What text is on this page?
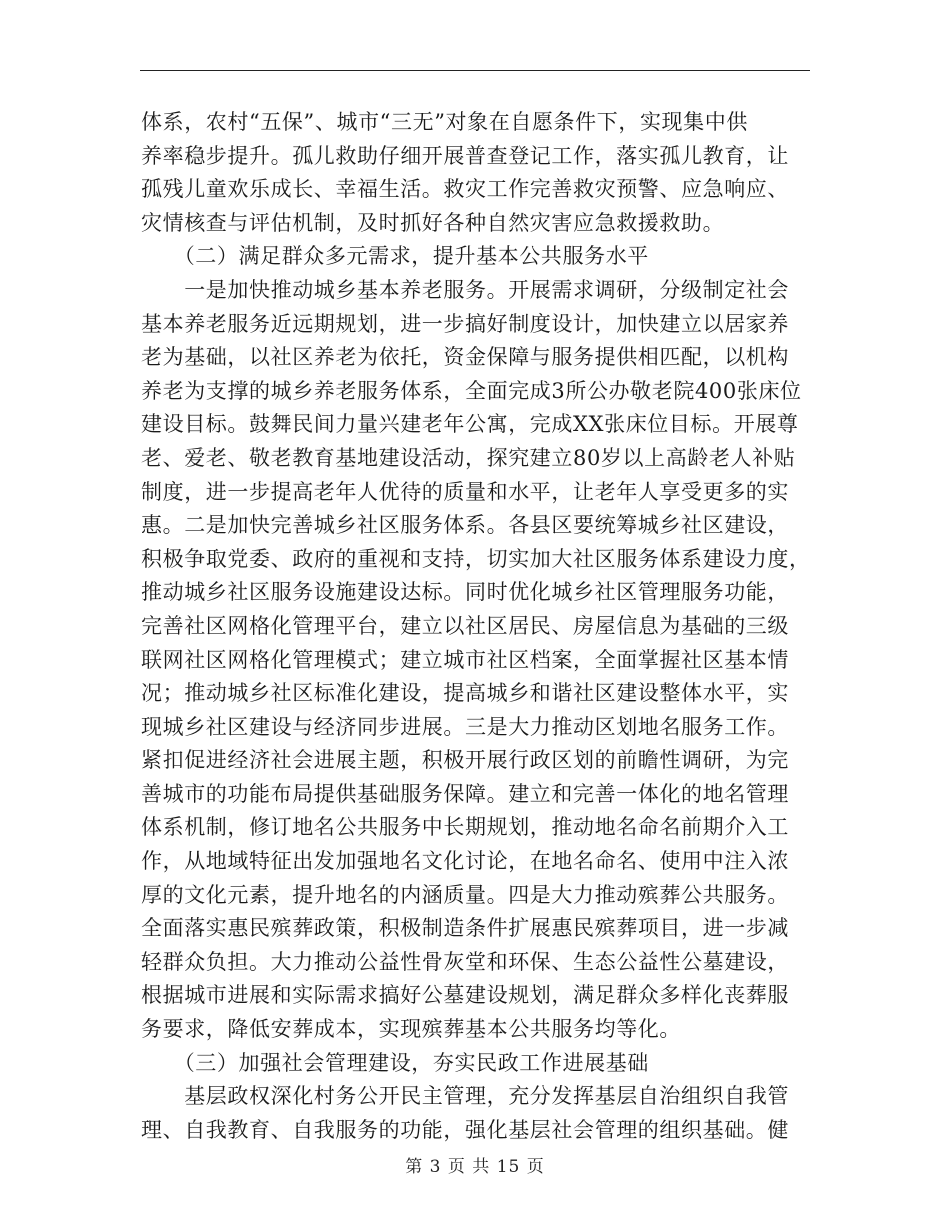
体系，农村“五保”、城市“三无”对象在自愿条件下，实现集中供
养率稳步提升。孤儿救助仔细开展普查登记工作，落实孤儿教育，让
孤残儿童欢乐成长、幸福生活。救灾工作完善救灾预警、应急响应、
灾情核查与评估机制，及时抓好各种自然灾害应急救援救助。
　　（二）满足群众多元需求，提升基本公共服务水平
　　一是加快推动城乡基本养老服务。开展需求调研，分级制定社会
基本养老服务近远期规划，进一步搞好制度设计，加快建立以居家养
老为基础，以社区养老为依托，资金保障与服务提供相匹配，以机构
养老为支撑的城乡养老服务体系，全面完成3所公办敬老院400张床位
建设目标。鼓舞民间力量兴建老年公寓，完成XX张床位目标。开展尊
老、爱老、敬老教育基地建设活动，探究建立80岁以上高龄老人补贴
制度，进一步提高老年人优待的质量和水平，让老年人享受更多的实
惠。二是加快完善城乡社区服务体系。各县区要统筹城乡社区建设，
积极争取党委、政府的重视和支持，切实加大社区服务体系建设力度，
推动城乡社区服务设施建设达标。同时优化城乡社区管理服务功能，
完善社区网格化管理平台，建立以社区居民、房屋信息为基础的三级
联网社区网格化管理模式；建立城市社区档案，全面掌握社区基本情
况；推动城乡社区标准化建设，提高城乡和谐社区建设整体水平，实
现城乡社区建设与经济同步进展。三是大力推动区划地名服务工作。
紧扣促进经济社会进展主题，积极开展行政区划的前瞻性调研，为完
善城市的功能布局提供基础服务保障。建立和完善一体化的地名管理
体系机制，修订地名公共服务中长期规划，推动地名命名前期介入工
作，从地域特征出发加强地名文化讨论，在地名命名、使用中注入浓
厚的文化元素，提升地名的内涵质量。四是大力推动殡葬公共服务。
全面落实惠民殡葬政策，积极制造条件扩展惠民殡葬项目，进一步减
轻群众负担。大力推动公益性骨灰堂和环保、生态公益性公墓建设，
根据城市进展和实际需求搞好公墓建设规划，满足群众多样化丧葬服
务要求，降低安葬成本，实现殡葬基本公共服务均等化。
　　（三）加强社会管理建设，夯实民政工作进展基础
　　基层政权深化村务公开民主管理，充分发挥基层自治组织自我管
理、自我教育、自我服务的功能，强化基层社会管理的组织基础。健
第 3 页 共 15 页
